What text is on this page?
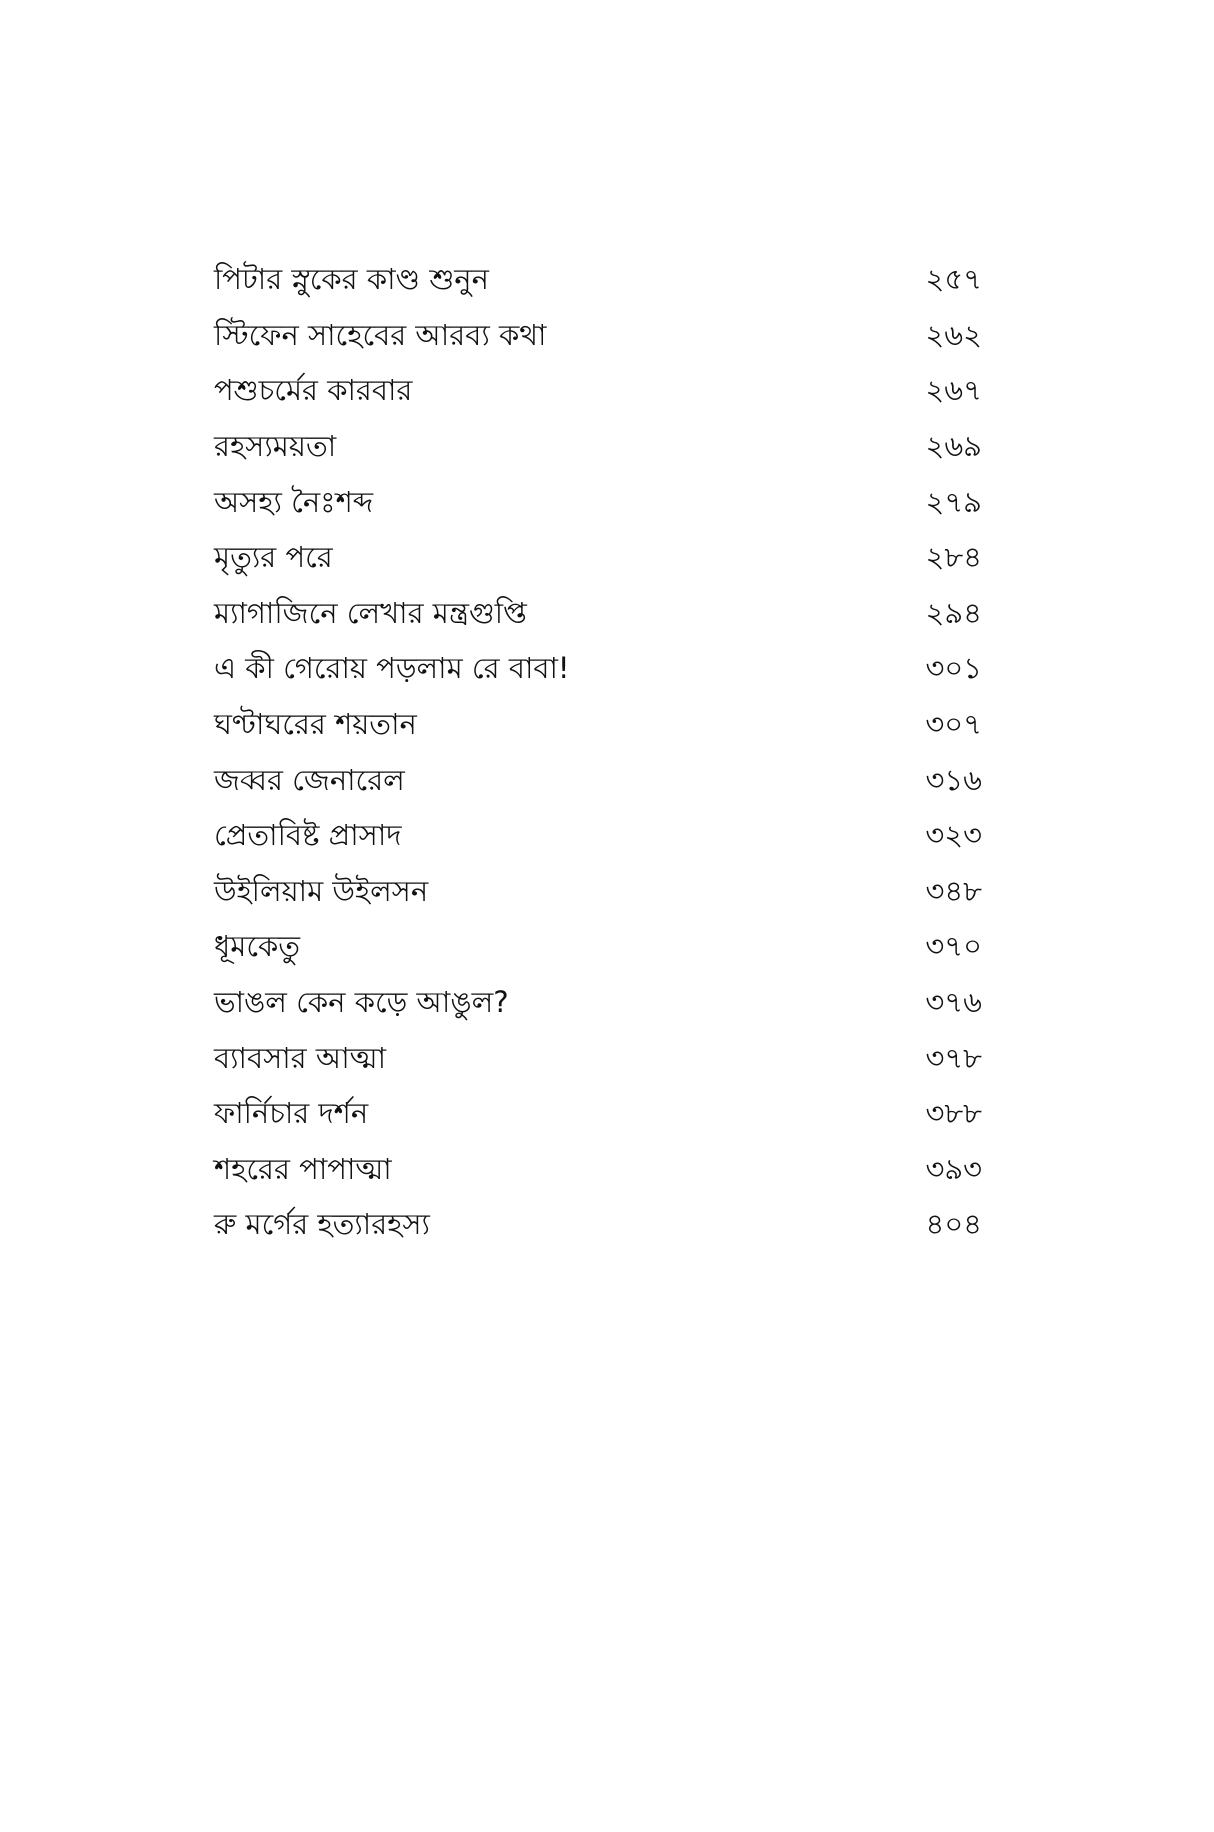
পিটার স্নুকের কাণ্ড শুনুন	২৫৭
স্টিফেন সাহেবের আরব্য কথা	২৬২
পশুচর্মের কারবার	২৬৭
রহস্যময়তা	২৬৯
অসহ্য নৈঃশব্দ	২৭৯
মৃত্যুর পরে	২৮৪
ম্যাগাজিনে লেখার মন্ত্রগুপ্তি	২৯৪
এ কী গেরোয় পড়লাম রে বাবা!	৩০১
ঘণ্টাঘরের শয়তান	৩০৭
জব্বর জেনারেল	৩১৬
প্রেতাবিষ্ট প্রাসাদ	৩২৩
উইলিয়াম উইলসন	৩৪৮
ধূমকেতু	৩৭০
ভাঙল কেন কড়ে আঙুল?	৩৭৬
ব্যাবসার আত্মা	৩৭৮
ফার্নিচার দর্শন	৩৮৮
শহরের পাপাত্মা	৩৯৩
রু মর্গের হত্যারহস্য	৪০৪
